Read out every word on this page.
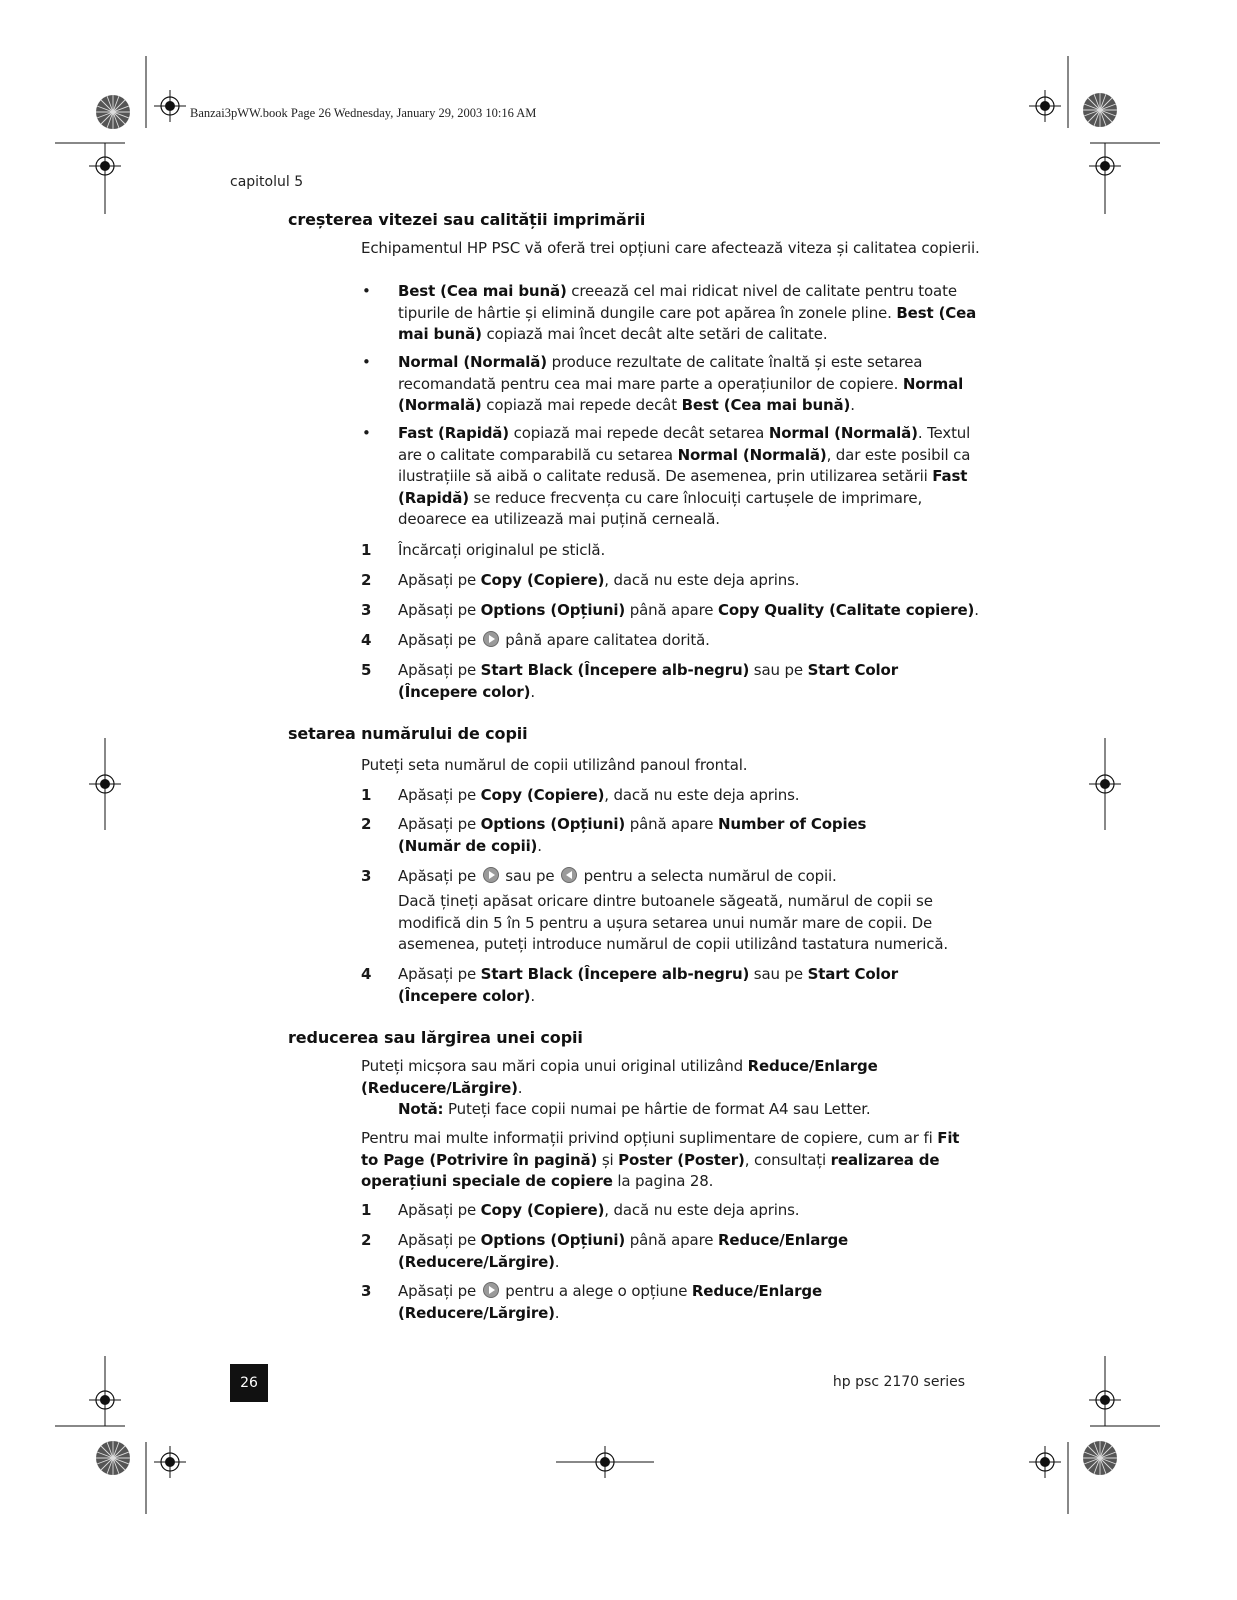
Banzai3pWW.book Page 26 Wednesday, January 29, 2003 10:16 AM
capitolul 5
creșterea vitezei sau calității imprimării
Echipamentul HP PSC vă oferă trei opțiuni care afectează viteza și calitatea copierii.
• Best (Cea mai bună) creează cel mai ridicat nivel de calitate pentru toate tipurile de hârtie și elimină dungile care pot apărea în zonele pline. Best (Cea mai bună) copiază mai încet decât alte setări de calitate.
• Normal (Normală) produce rezultate de calitate înaltă și este setarea recomandată pentru cea mai mare parte a operațiunilor de copiere. Normal (Normală) copiază mai repede decât Best (Cea mai bună).
• Fast (Rapidă) copiază mai repede decât setarea Normal (Normală). Textul are o calitate comparabilă cu setarea Normal (Normală), dar este posibil ca ilustrațiile să aibă o calitate redusă. De asemenea, prin utilizarea setării Fast (Rapidă) se reduce frecvența cu care înlocuiți cartușele de imprimare, deoarece ea utilizează mai puțină cerneală.
1 Încărcați originalul pe sticlă.
2 Apăsați pe Copy (Copiere), dacă nu este deja aprins.
3 Apăsați pe Options (Opțiuni) până apare Copy Quality (Calitate copiere).
4 Apăsați pe  până apare calitatea dorită.
5 Apăsați pe Start Black (Începere alb-negru) sau pe Start Color
(Începere color).
setarea numărului de copii
Puteți seta numărul de copii utilizând panoul frontal.
1 Apăsați pe Copy (Copiere), dacă nu este deja aprins.
2 Apăsați pe Options (Opțiuni) până apare Number of Copies
(Număr de copii).
3 Apăsați pe  sau pe  pentru a selecta numărul de copii.
Dacă țineți apăsat oricare dintre butoanele săgeată, numărul de copii se modifică din 5 în 5 pentru a ușura setarea unui număr mare de copii. De asemenea, puteți introduce numărul de copii utilizând tastatura numerică.
4 Apăsați pe Start Black (Începere alb-negru) sau pe Start Color
(Începere color).
reducerea sau lărgirea unei copii
Puteți micșora sau mări copia unui original utilizând Reduce/Enlarge (Reducere/Lărgire).
Notă: Puteți face copii numai pe hârtie de format A4 sau Letter.
Pentru mai multe informații privind opțiuni suplimentare de copiere, cum ar fi Fit to Page (Potrivire în pagină) și Poster (Poster), consultați realizarea de operațiuni speciale de copiere la pagina 28.
1 Apăsați pe Copy (Copiere), dacă nu este deja aprins.
2 Apăsați pe Options (Opțiuni) până apare Reduce/Enlarge
(Reducere/Lărgire).
3 Apăsați pe  pentru a alege o opțiune Reduce/Enlarge
(Reducere/Lărgire).
26	hp psc 2170 series
